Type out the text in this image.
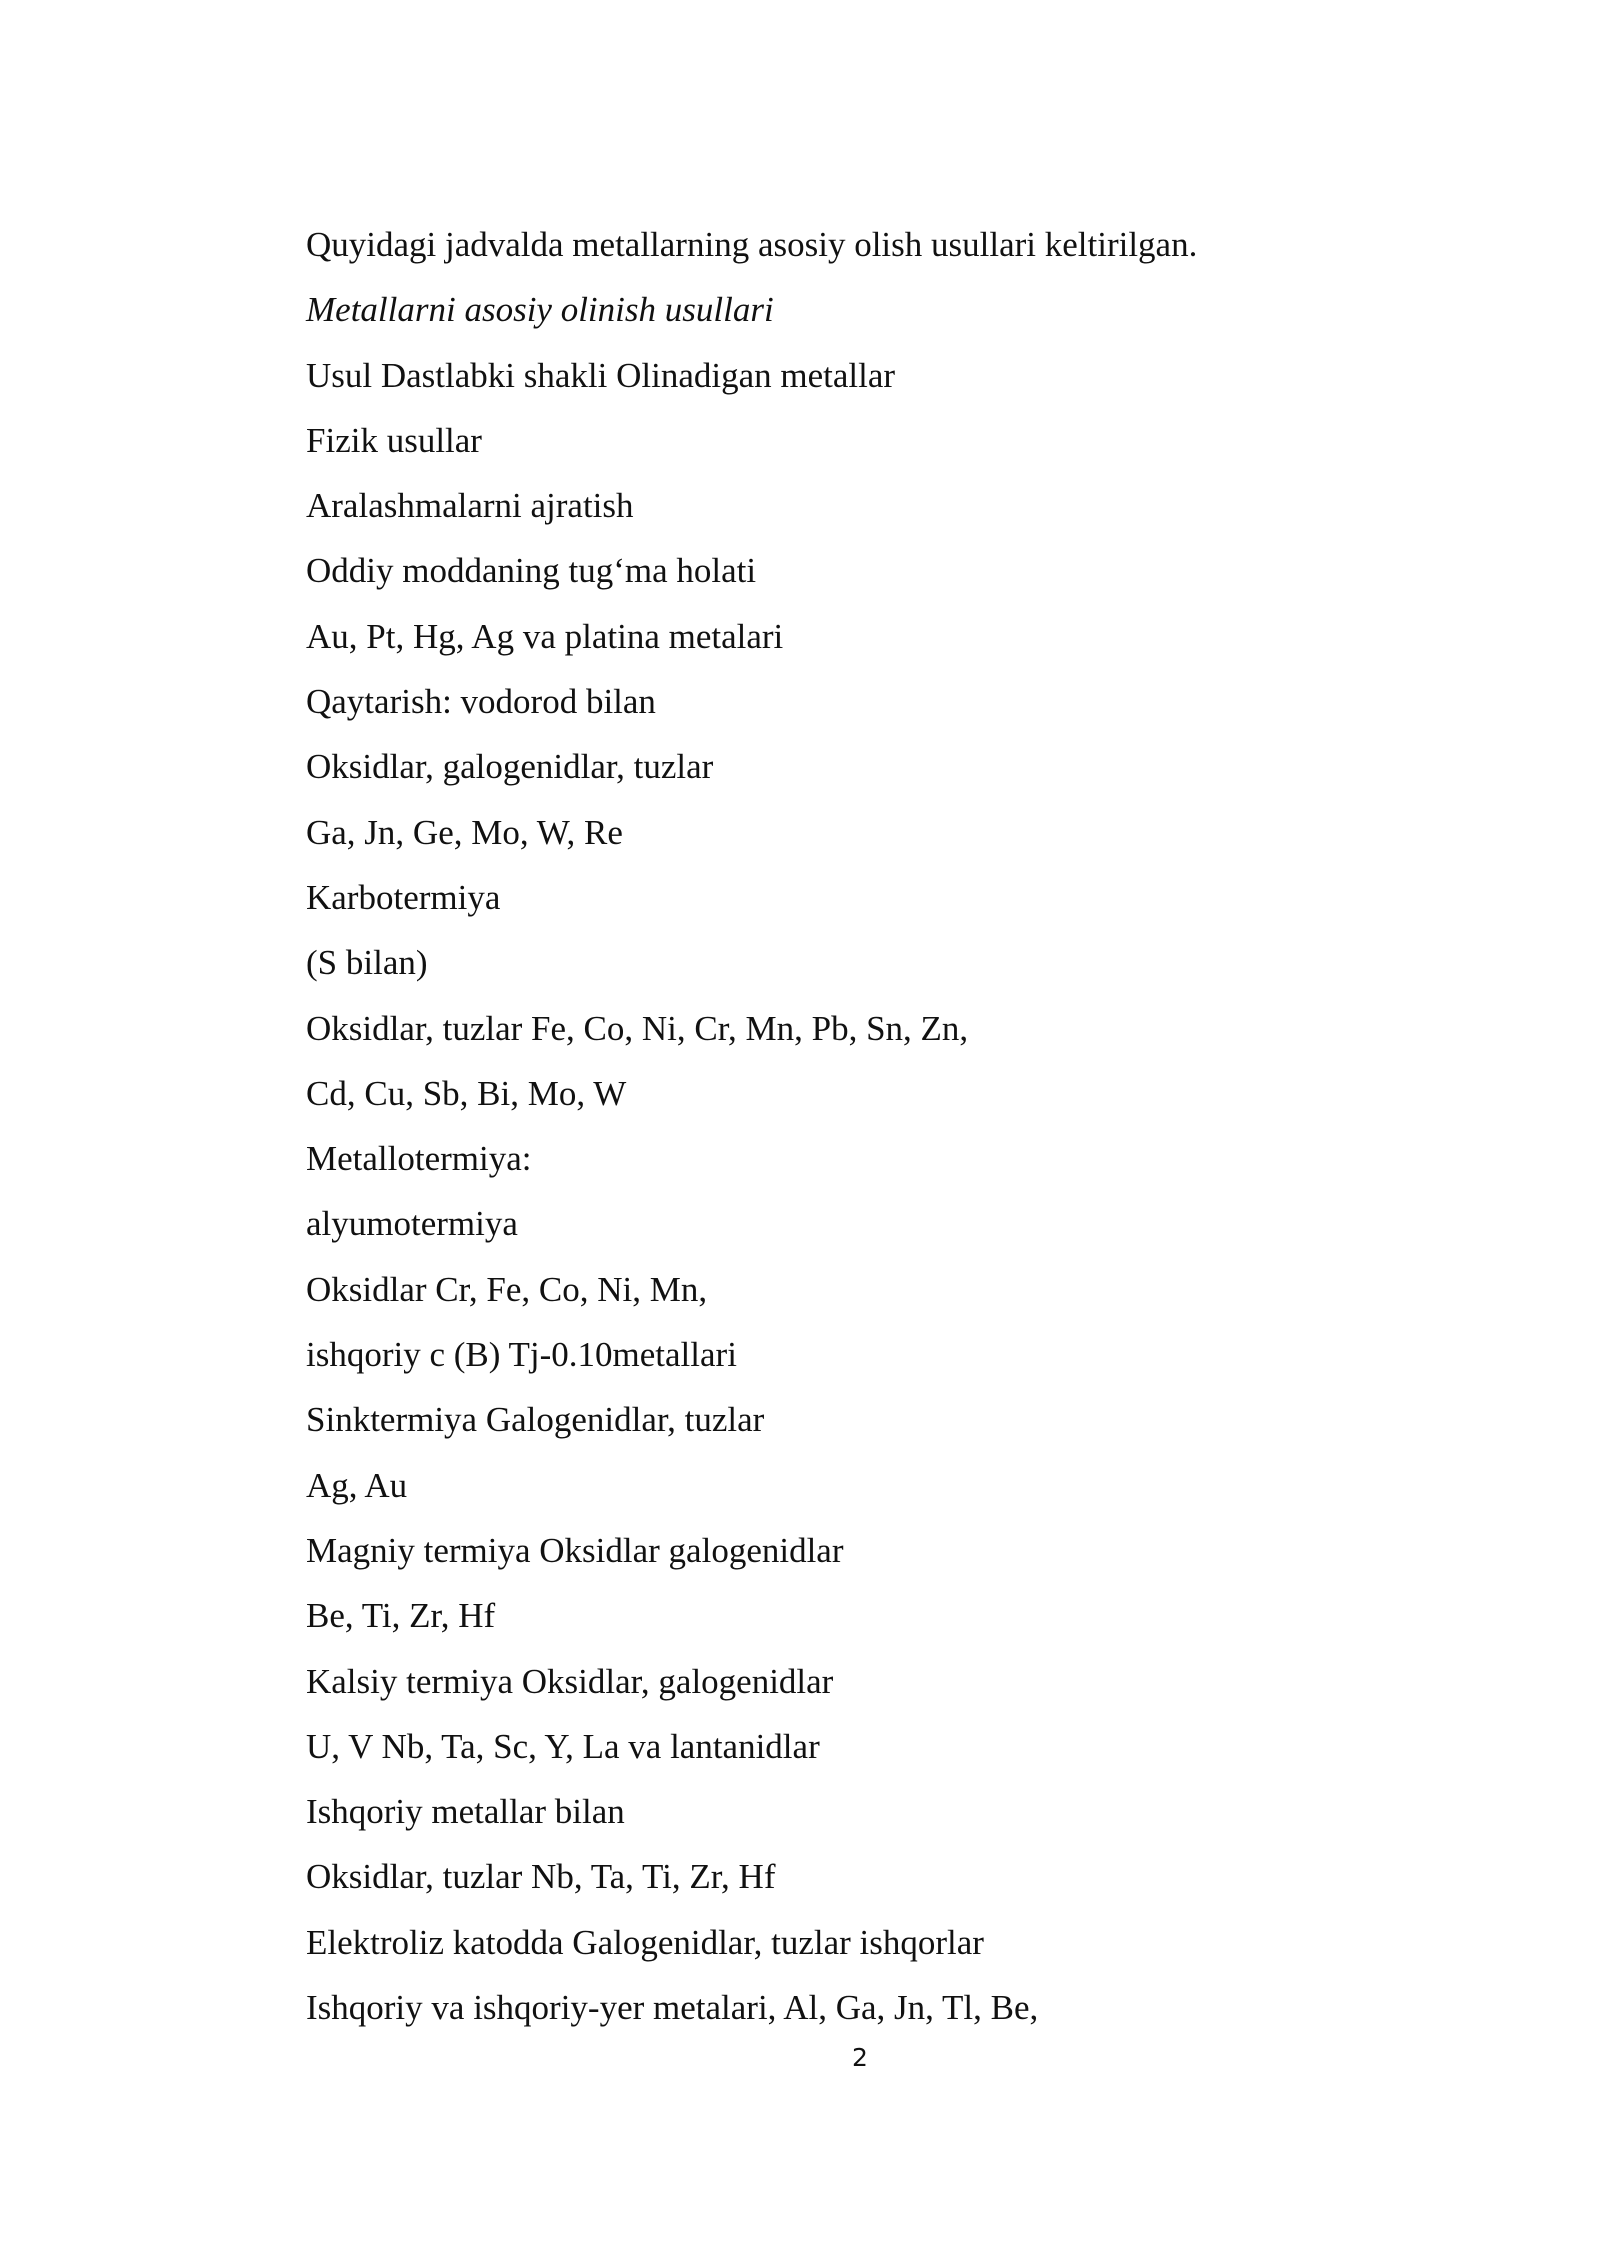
Quyidagi jadvalda metallarning asosiy olish usullari keltirilgan.
Metallarni asosiy olinish usullari
Usul Dastlabki shakli Olinadigan metallar
Fizik usullar
Aralashmalarni ajratish
Oddiy moddaning tug‘ma holati
Au, Pt, Hg, Ag va platina metalari
Qaytarish: vodorod bilan
Oksidlar, galogenidlar, tuzlar
Ga, Jn, Ge, Mo, W, Re
Karbotermiya
(S bilan)
Oksidlar, tuzlar Fe, Co, Ni, Cr, Mn, Pb, Sn, Zn,
Cd, Cu, Sb, Bi, Mo, W
Metallotermiya:
alyumotermiya
Oksidlar Cr, Fe, Co, Ni, Mn,
ishqoriy c (B) Tj-0.10metallari
Sinktermiya Galogenidlar, tuzlar
Ag, Au
Magniy termiya Oksidlar galogenidlar
Be, Ti, Zr, Hf
Kalsiy termiya Oksidlar, galogenidlar
U, V Nb, Ta, Sc, Y, La va lantanidlar
Ishqoriy metallar bilan
Oksidlar, tuzlar Nb, Ta, Ti, Zr, Hf
Elektroliz katodda Galogenidlar, tuzlar ishqorlar
Ishqoriy va ishqoriy-yer metalari, Al, Ga, Jn, Tl, Be,
2
